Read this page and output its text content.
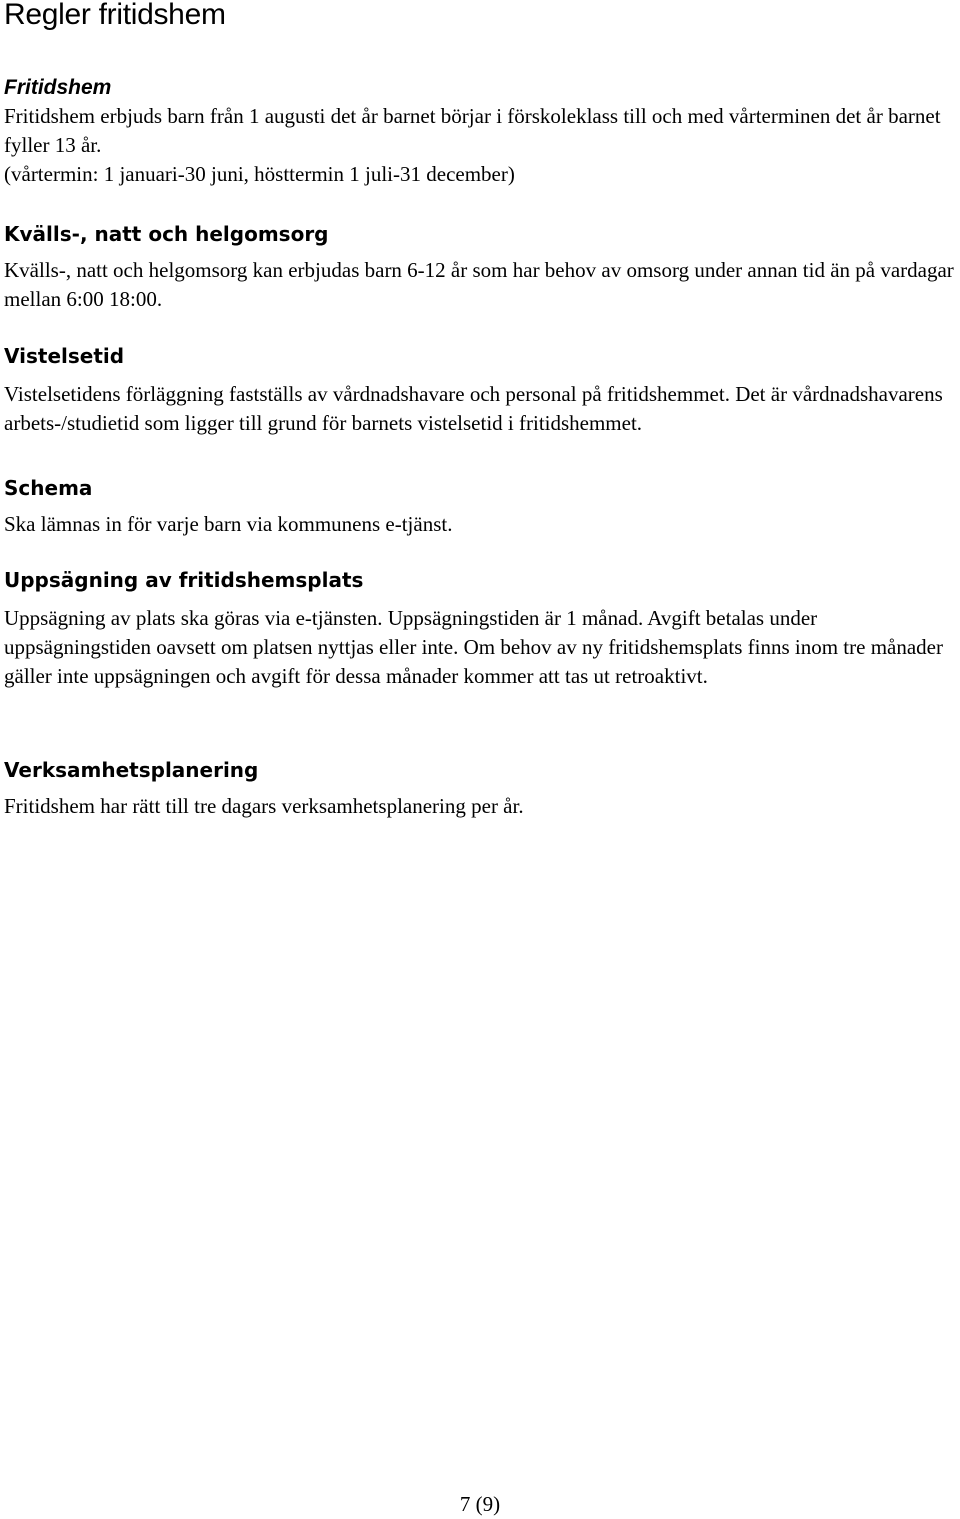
Regler fritidshem
Fritidshem

Fritidshem erbjuds barn från 1 augusti det år barnet börjar i förskoleklass till och med vårterminen det år barnet fyller 13 år.

(vårtermin: 1 januari-30 juni, hösttermin 1 juli-31 december)

Kvälls-, natt och helgomsorg

Kvälls-, natt och helgomsorg kan erbjudas barn 6-12 år som har behov av omsorg under annan tid än på vardagar mellan 6:00 18:00.

Vistelsetid

Vistelsetidens förläggning fastställs av vårdnadshavare och personal på fritidshemmet. Det är vårdnadshavarens arbets-/studietid som ligger till grund för barnets vistelsetid i fritidshemmet.

Schema

Ska lämnas in för varje barn via kommunens e-tjänst.

Uppsägning av fritidshemsplats

Uppsägning av plats ska göras via e-tjänsten. Uppsägningstiden är 1 månad. Avgift betalas under uppsägningstiden oavsett om platsen nyttjas eller inte. Om behov av ny fritidshemsplats finns inom tre månader gäller inte uppsägningen och avgift för dessa månader kommer att tas ut retroaktivt.

Verksamhetsplanering

Fritidshem har rätt till tre dagars verksamhetsplanering per år.

7 (9)
